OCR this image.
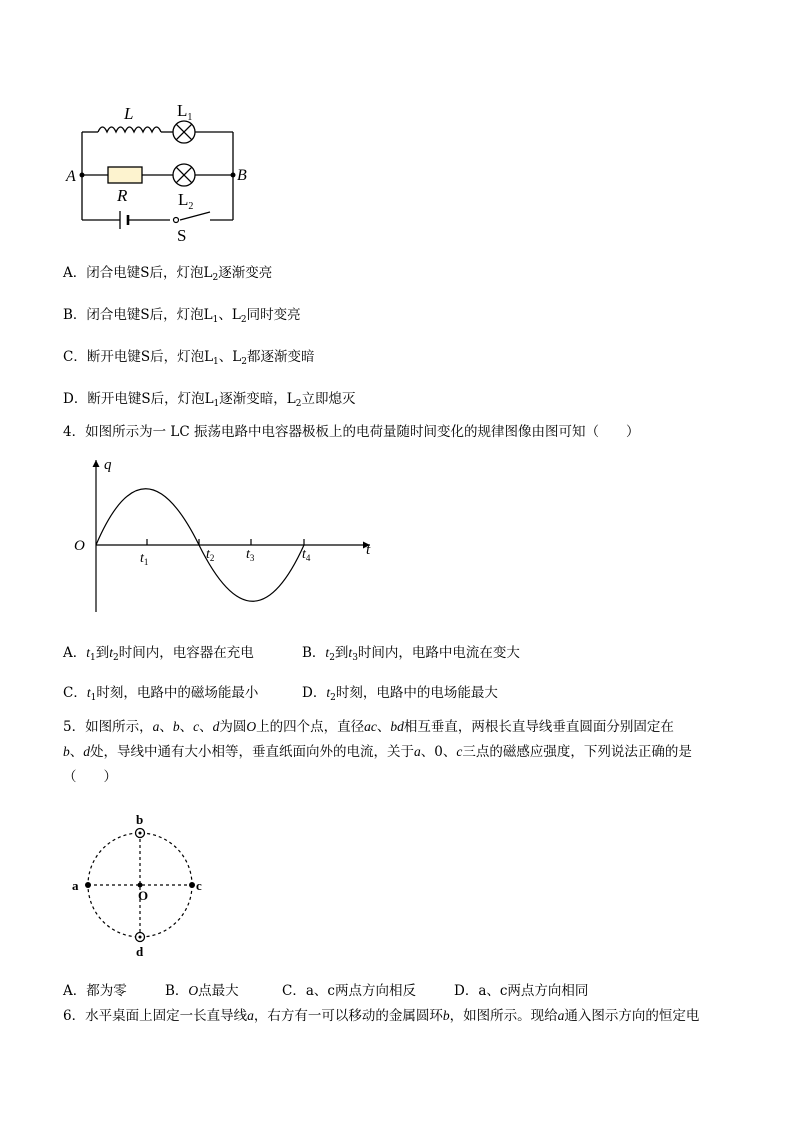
L	$L_1$
A	B
R	$L_2$
S
A．闭合电键S后，灯泡$L_2$逐渐变亮
B．闭合电键S后，灯泡$L_1$、$L_2$同时变亮
C．断开电键S后，灯泡$L_1$、$L_2$都逐渐变暗
D．断开电键S后，灯泡$L_1$逐渐变暗，$L_2$立即熄灭
4．如图所示为一 LC 振荡电路中电容器极板上的电荷量随时间变化的规律图像由图可知（　　）
q
t
O
$t_1$	$t_2$ $t_3$	$t_4$
A．$t_1$到$t_2$时间内，电容器在充电	B．$t_2$到$t_3$时间内，电路中电流在变大
C．$t_1$时刻，电路中的磁场能最小	D．$t_2$时刻，电路中的电场能最大
5．如图所示，a、b、c、d为圆O上的四个点，直径ac、bd相互垂直，两根长直导线垂直圆面分别固定在
b、d处，导线中通有大小相等，垂直纸面向外的电流，关于a、0、c三点的磁感应强度，下列说法正确的是
（　　）
a
b
c
d
O
A．都为零	B．O点最大	C．a、c两点方向相反	D．a、c两点方向相同
6．水平桌面上固定一长直导线a，右方有一可以移动的金属圆环b，如图所示。现给a通入图示方向的恒定电
